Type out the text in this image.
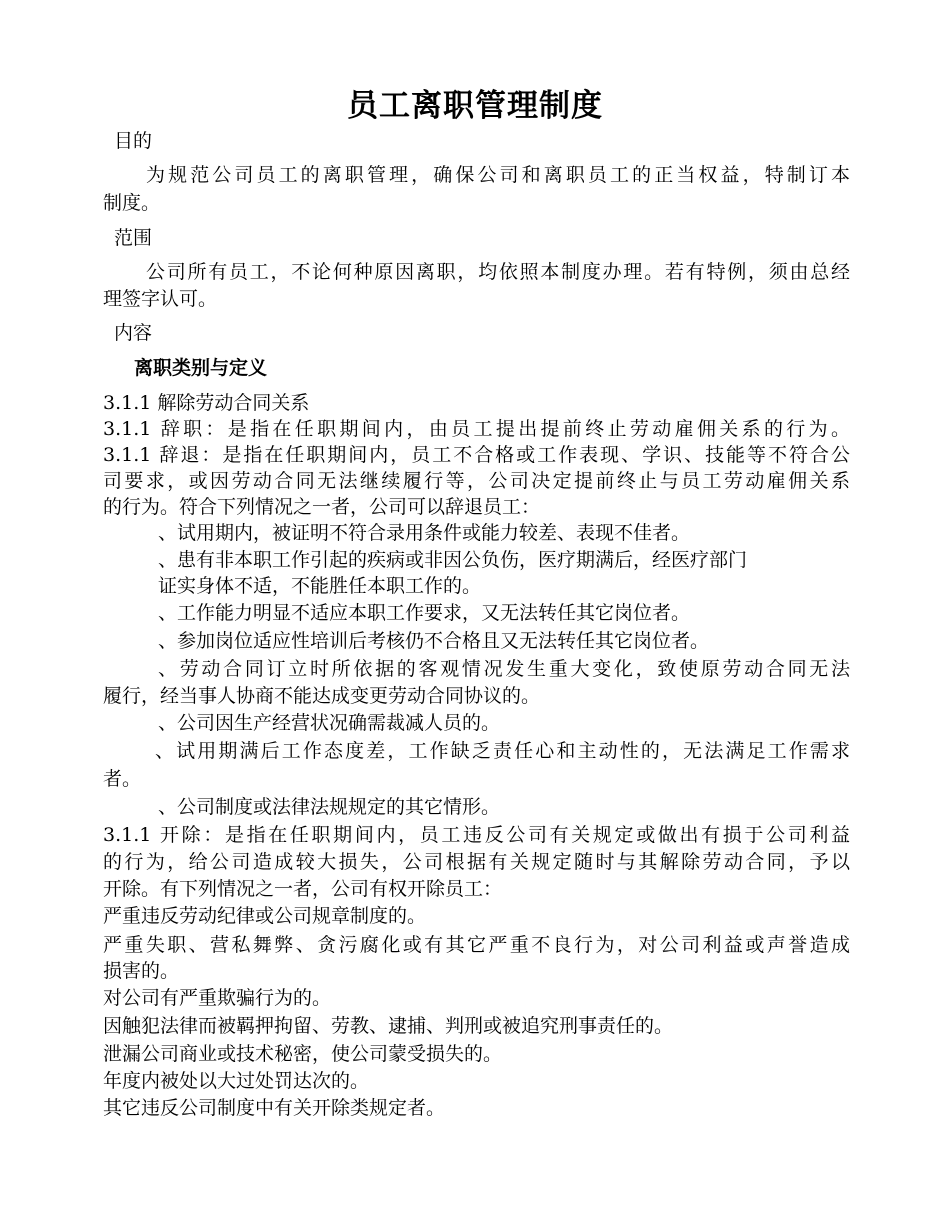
员工离职管理制度
目的
为规范公司员工的离职管理，确保公司和离职员工的正当权益，特制订本
制度。
范围
公司所有员工，不论何种原因离职，均依照本制度办理。若有特例，须由总经
理签字认可。
内容
离职类别与定义
3.1.1 解除劳动合同关系
3.1.1 辞职：是指在任职期间内，由员工提出提前终止劳动雇佣关系的行为。
3.1.1 辞退：是指在任职期间内，员工不合格或工作表现、学识、技能等不符合公
司要求，或因劳动合同无法继续履行等，公司决定提前终止与员工劳动雇佣关系
的行为。符合下列情况之一者，公司可以辞退员工：
、试用期内，被证明不符合录用条件或能力较差、表现不佳者。
、患有非本职工作引起的疾病或非因公负伤，医疗期满后，经医疗部门
证实身体不适，不能胜任本职工作的。
、工作能力明显不适应本职工作要求，又无法转任其它岗位者。
、参加岗位适应性培训后考核仍不合格且又无法转任其它岗位者。
、劳动合同订立时所依据的客观情况发生重大变化，致使原劳动合同无法
履行，经当事人协商不能达成变更劳动合同协议的。
、公司因生产经营状况确需裁减人员的。
、试用期满后工作态度差，工作缺乏责任心和主动性的，无法满足工作需求
者。
、公司制度或法律法规规定的其它情形。
3.1.1 开除：是指在任职期间内，员工违反公司有关规定或做出有损于公司利益
的行为，给公司造成较大损失，公司根据有关规定随时与其解除劳动合同，予以
开除。有下列情况之一者，公司有权开除员工：
严重违反劳动纪律或公司规章制度的。
严重失职、营私舞弊、贪污腐化或有其它严重不良行为，对公司利益或声誉造成
损害的。
对公司有严重欺骗行为的。
因触犯法律而被羁押拘留、劳教、逮捕、判刑或被追究刑事责任的。
泄漏公司商业或技术秘密，使公司蒙受损失的。
年度内被处以大过处罚达次的。
其它违反公司制度中有关开除类规定者。
